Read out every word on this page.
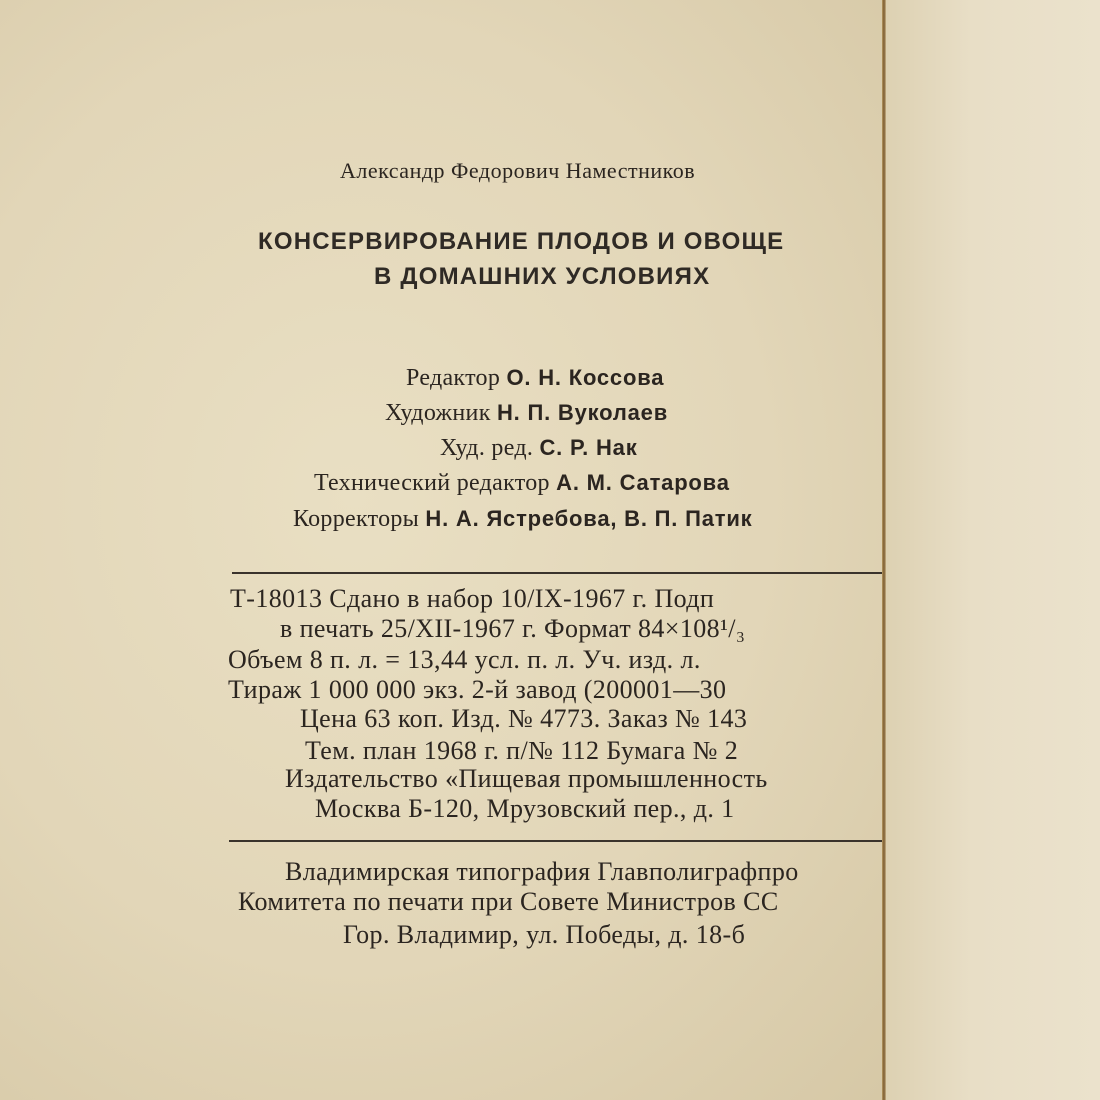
Александр Федорович Наместников
КОНСЕРВИРОВАНИЕ ПЛОДОВ И ОВОЩЕ
В ДОМАШНИХ УСЛОВИЯХ
Редактор О. Н. Коссова
Художник Н. П. Вуколаев
Худ. ред. С. Р. Нак
Технический редактор А. М. Сатарова
Корректоры Н. А. Ястребова, В. П. Патик
Т-18013 Сдано в набор 10/IX-1967 г. Подп
в печать 25/XII-1967 г. Формат 84×108¹/₃
Объем 8 п. л. = 13,44 усл. п. л. Уч. изд. л.
Тираж 1 000 000 экз. 2-й завод (200001—30
Цена 63 коп. Изд. № 4773. Заказ № 143
Тем. план 1968 г. п/№ 112 Бумага № 2
Издательство «Пищевая промышленность
Москва Б-120, Мрузовский пер., д. 1
Владимирская типография Главполиграфпро
Комитета по печати при Совете Министров СС
Гор. Владимир, ул. Победы, д. 18-б
